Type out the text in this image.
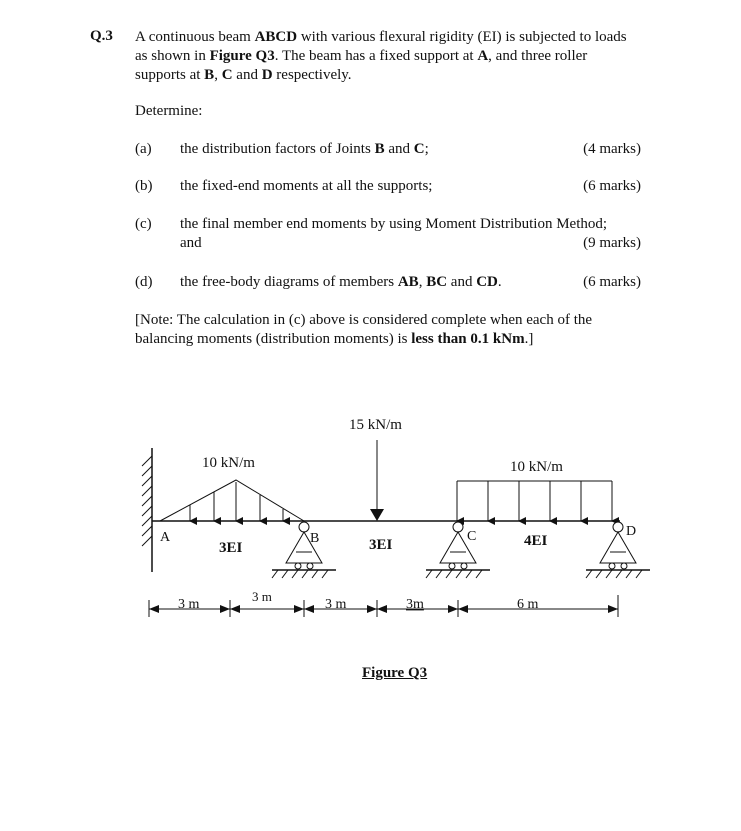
Q.3 A continuous beam ABCD with various flexural rigidity (EI) is subjected to loads as shown in Figure Q3. The beam has a fixed support at A, and three roller supports at B, C and D respectively.
Determine:
(a) the distribution factors of Joints B and C;	(4 marks)
(b) the fixed-end moments at all the supports;	(6 marks)
(c) the final member end moments by using Moment Distribution Method;
and	(9 marks)
(d) the free-body diagrams of members AB, BC and CD.	(6 marks)
[Note: The calculation in (c) above is considered complete when each of the balancing moments (distribution moments) is less than 0.1 kNm.]
10 kN/m
15 kN/m
10 kN/m
A	B	C	D
3EI	3EI	4EI
3 m
3 m
3 m	3m	6 m
Figure Q3
